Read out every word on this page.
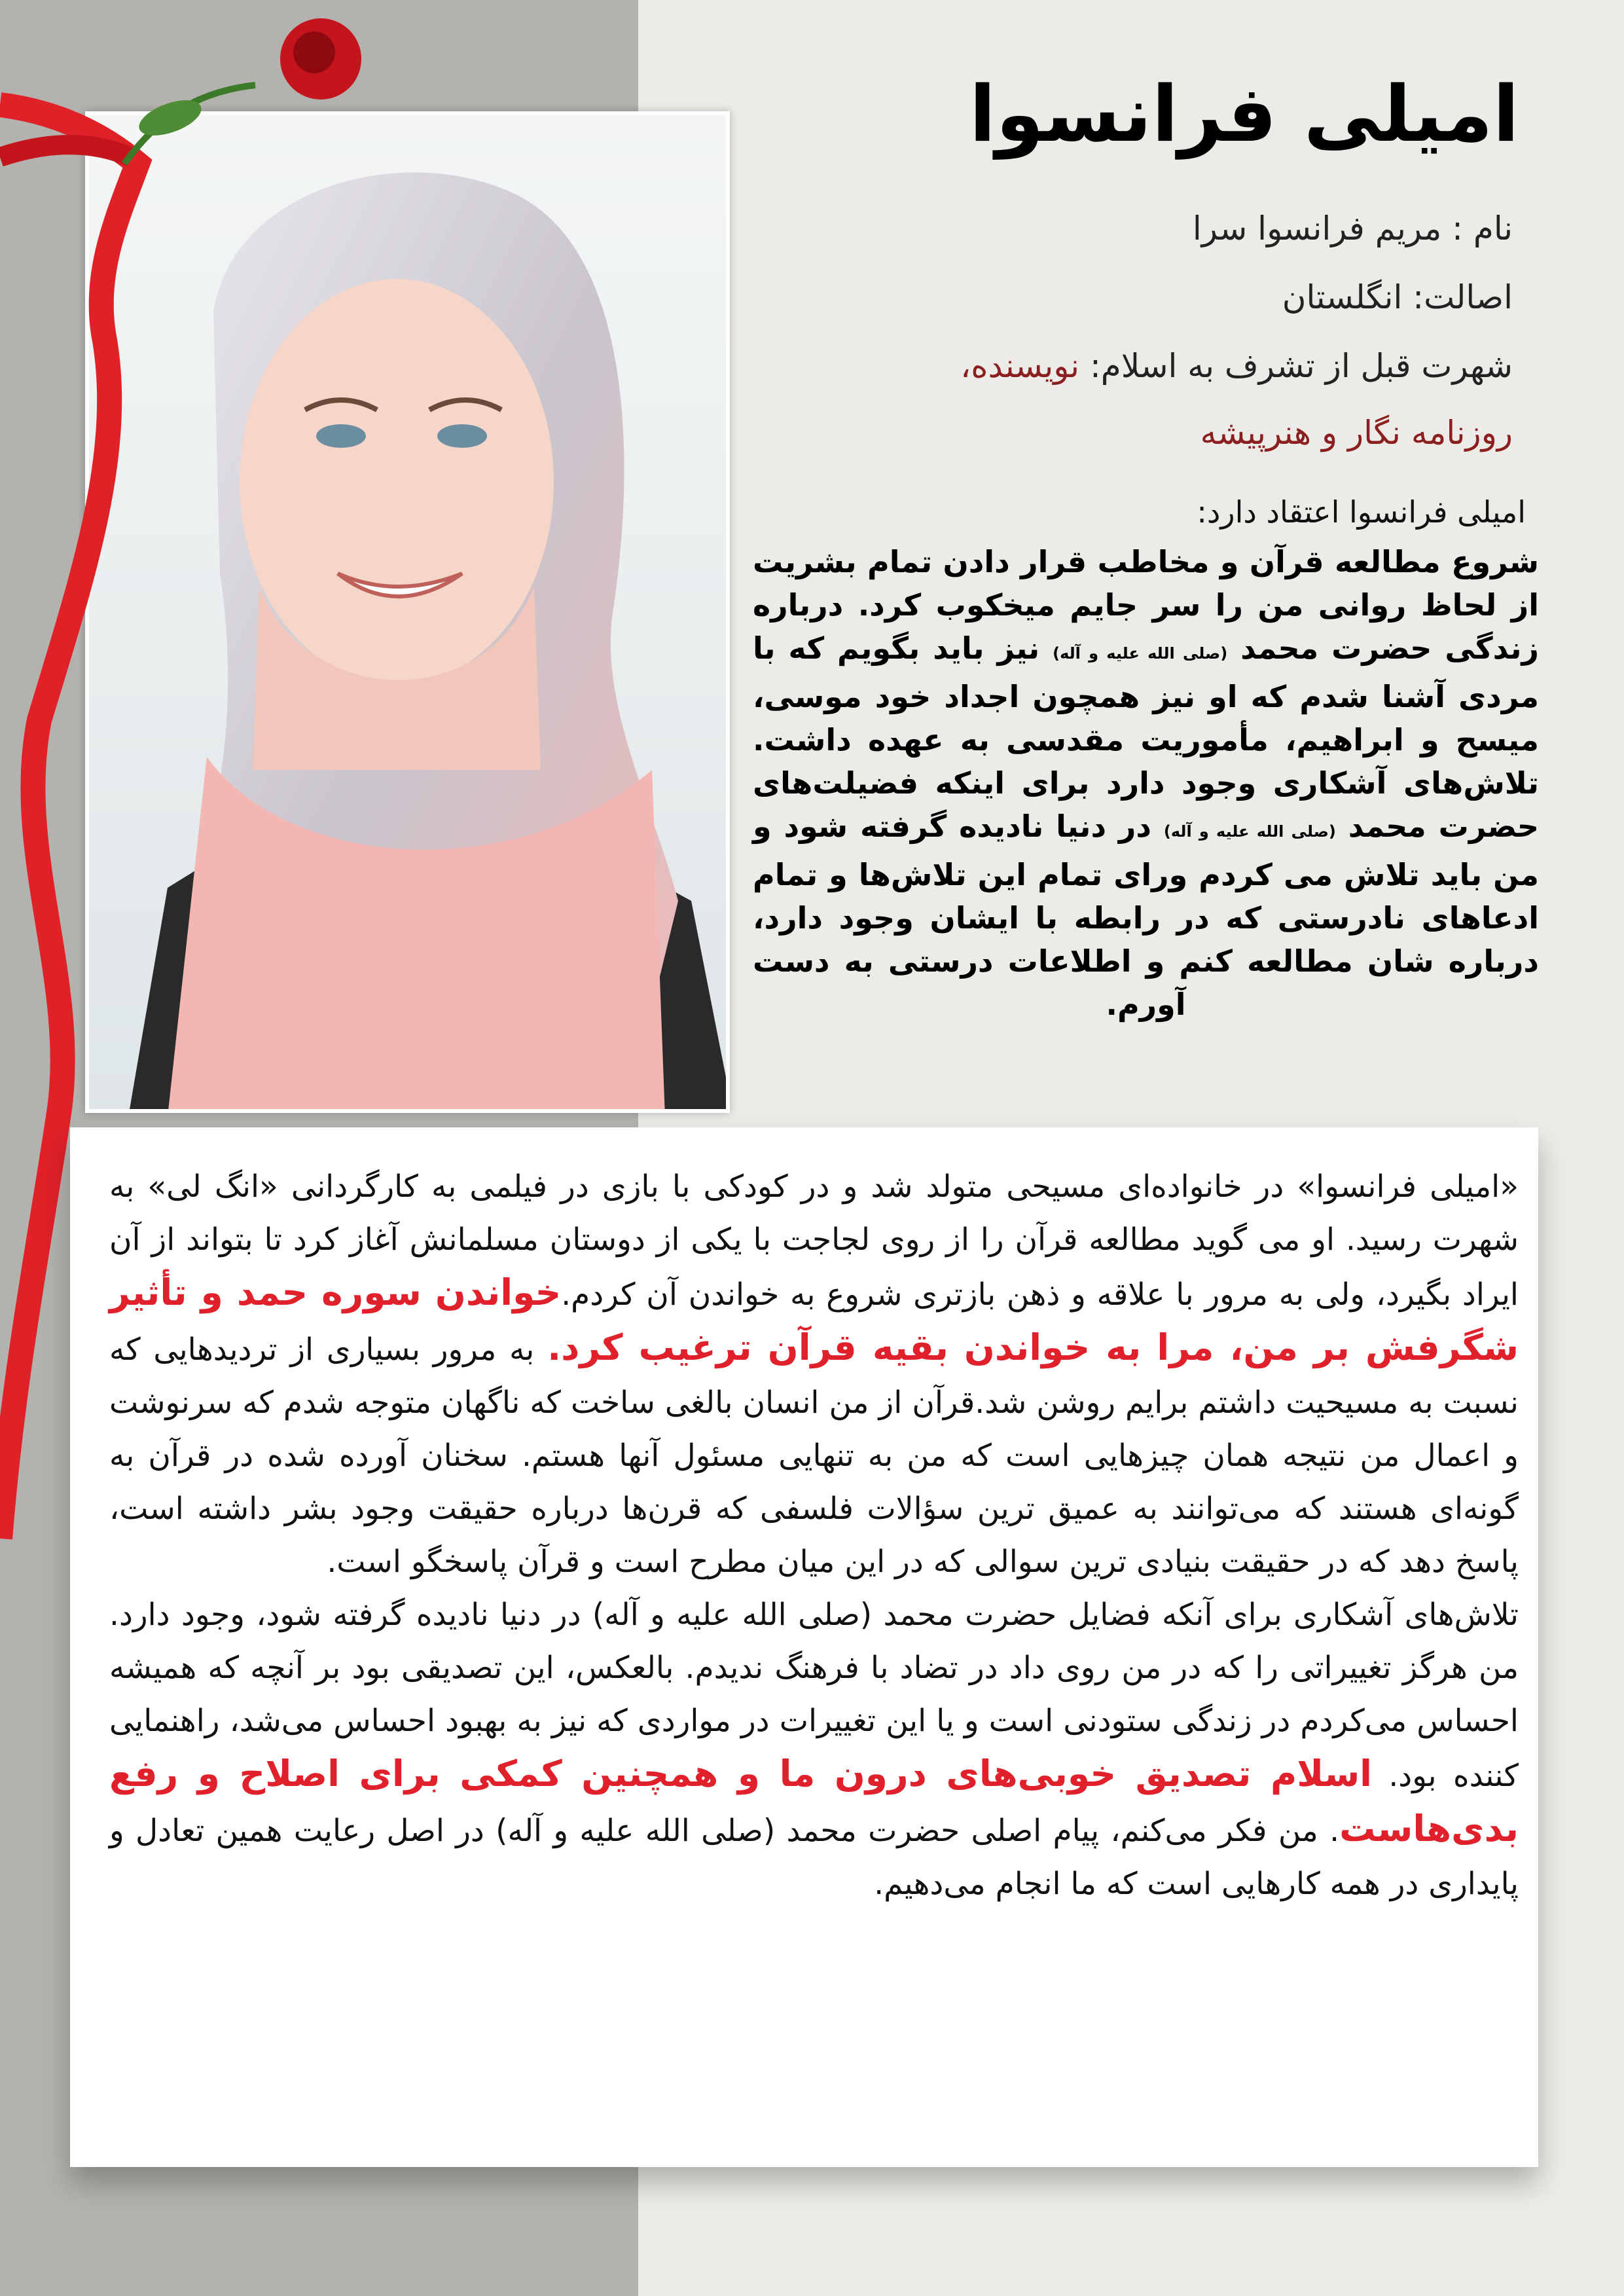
امیلی فرانسوا
نام : مریم فرانسوا سرا
اصالت: انگلستان
شهرت قبل از تشرف به اسلام: نویسنده،
روزنامه نگار و هنرپیشه
امیلی فرانسوا اعتقاد دارد:
شروع مطالعه قرآن و مخاطب قرار دادن تمام بشریت از لحاظ روانی من را سر جایم میخکوب کرد. درباره زندگی حضرت محمد (صلی الله علیه و آله) نیز باید بگویم که با مردی آشنا شدم که او نیز همچون اجداد خود موسی، میسح و ابراهیم، مأموریت مقدسی به عهده داشت. تلاش‌های آشکاری وجود دارد برای اینکه فضیلت‌های حضرت محمد (صلی الله علیه و آله) در دنیا نادیده گرفته شود و من باید تلاش می کردم ورای تمام این تلاش‌ها و تمام ادعاهای نادرستی که در رابطه با ایشان وجود دارد، درباره شان مطالعه کنم و اطلاعات درستی به دست آورم.

«امیلی فرانسوا» در خانواده‌ای مسیحی متولد شد و در کودکی با بازی در فیلمی به کارگردانی «انگ لی» به شهرت رسید. او می گوید مطالعه قرآن را از روی لجاجت با یکی از دوستان مسلمانش آغاز کرد تا بتواند از آن ایراد بگیرد، ولی به مرور با علاقه و ذهن بازتری شروع به خواندن آن کردم.خواندن سوره حمد و تأثیر شگرفش بر من، مرا به خواندن بقیه قرآن ترغیب کرد. به مرور بسیاری از تردیدهایی که نسبت به مسیحیت داشتم برایم روشن شد.قرآن از من انسان بالغی ساخت که ناگهان متوجه شدم که سرنوشت و اعمال من نتیجه همان چیزهایی است که من به تنهایی مسئول آنها هستم. سخنان آورده شده در قرآن به گونه‌ای هستند که می‌توانند به عمیق ترین سؤالات فلسفی که قرن‌ها درباره حقیقت وجود بشر داشته است، پاسخ دهد که در حقیقت بنیادی ترین سوالی که در این میان مطرح است و قرآن پاسخگو است.

تلاش‌های آشکاری برای آنکه فضایل حضرت محمد (صلی الله علیه و آله) در دنیا نادیده گرفته شود، وجود دارد. من هرگز تغییراتی را که در من روی داد در تضاد با فرهنگ ندیدم. بالعکس، این تصدیقی بود بر آنچه که همیشه احساس می‌کردم در زندگی ستودنی است و یا این تغییرات در مواردی که نیز به بهبود احساس می‌شد، راهنمایی کننده بود. اسلام تصدیق خوبی‌های درون ما و همچنین کمکی برای اصلاح و رفع بدی‌هاست. من فکر می‌کنم، پیام اصلی حضرت محمد (صلی الله علیه و آله) در اصل رعایت همین تعادل و پایداری در همه کارهایی است که ما انجام می‌دهیم.
